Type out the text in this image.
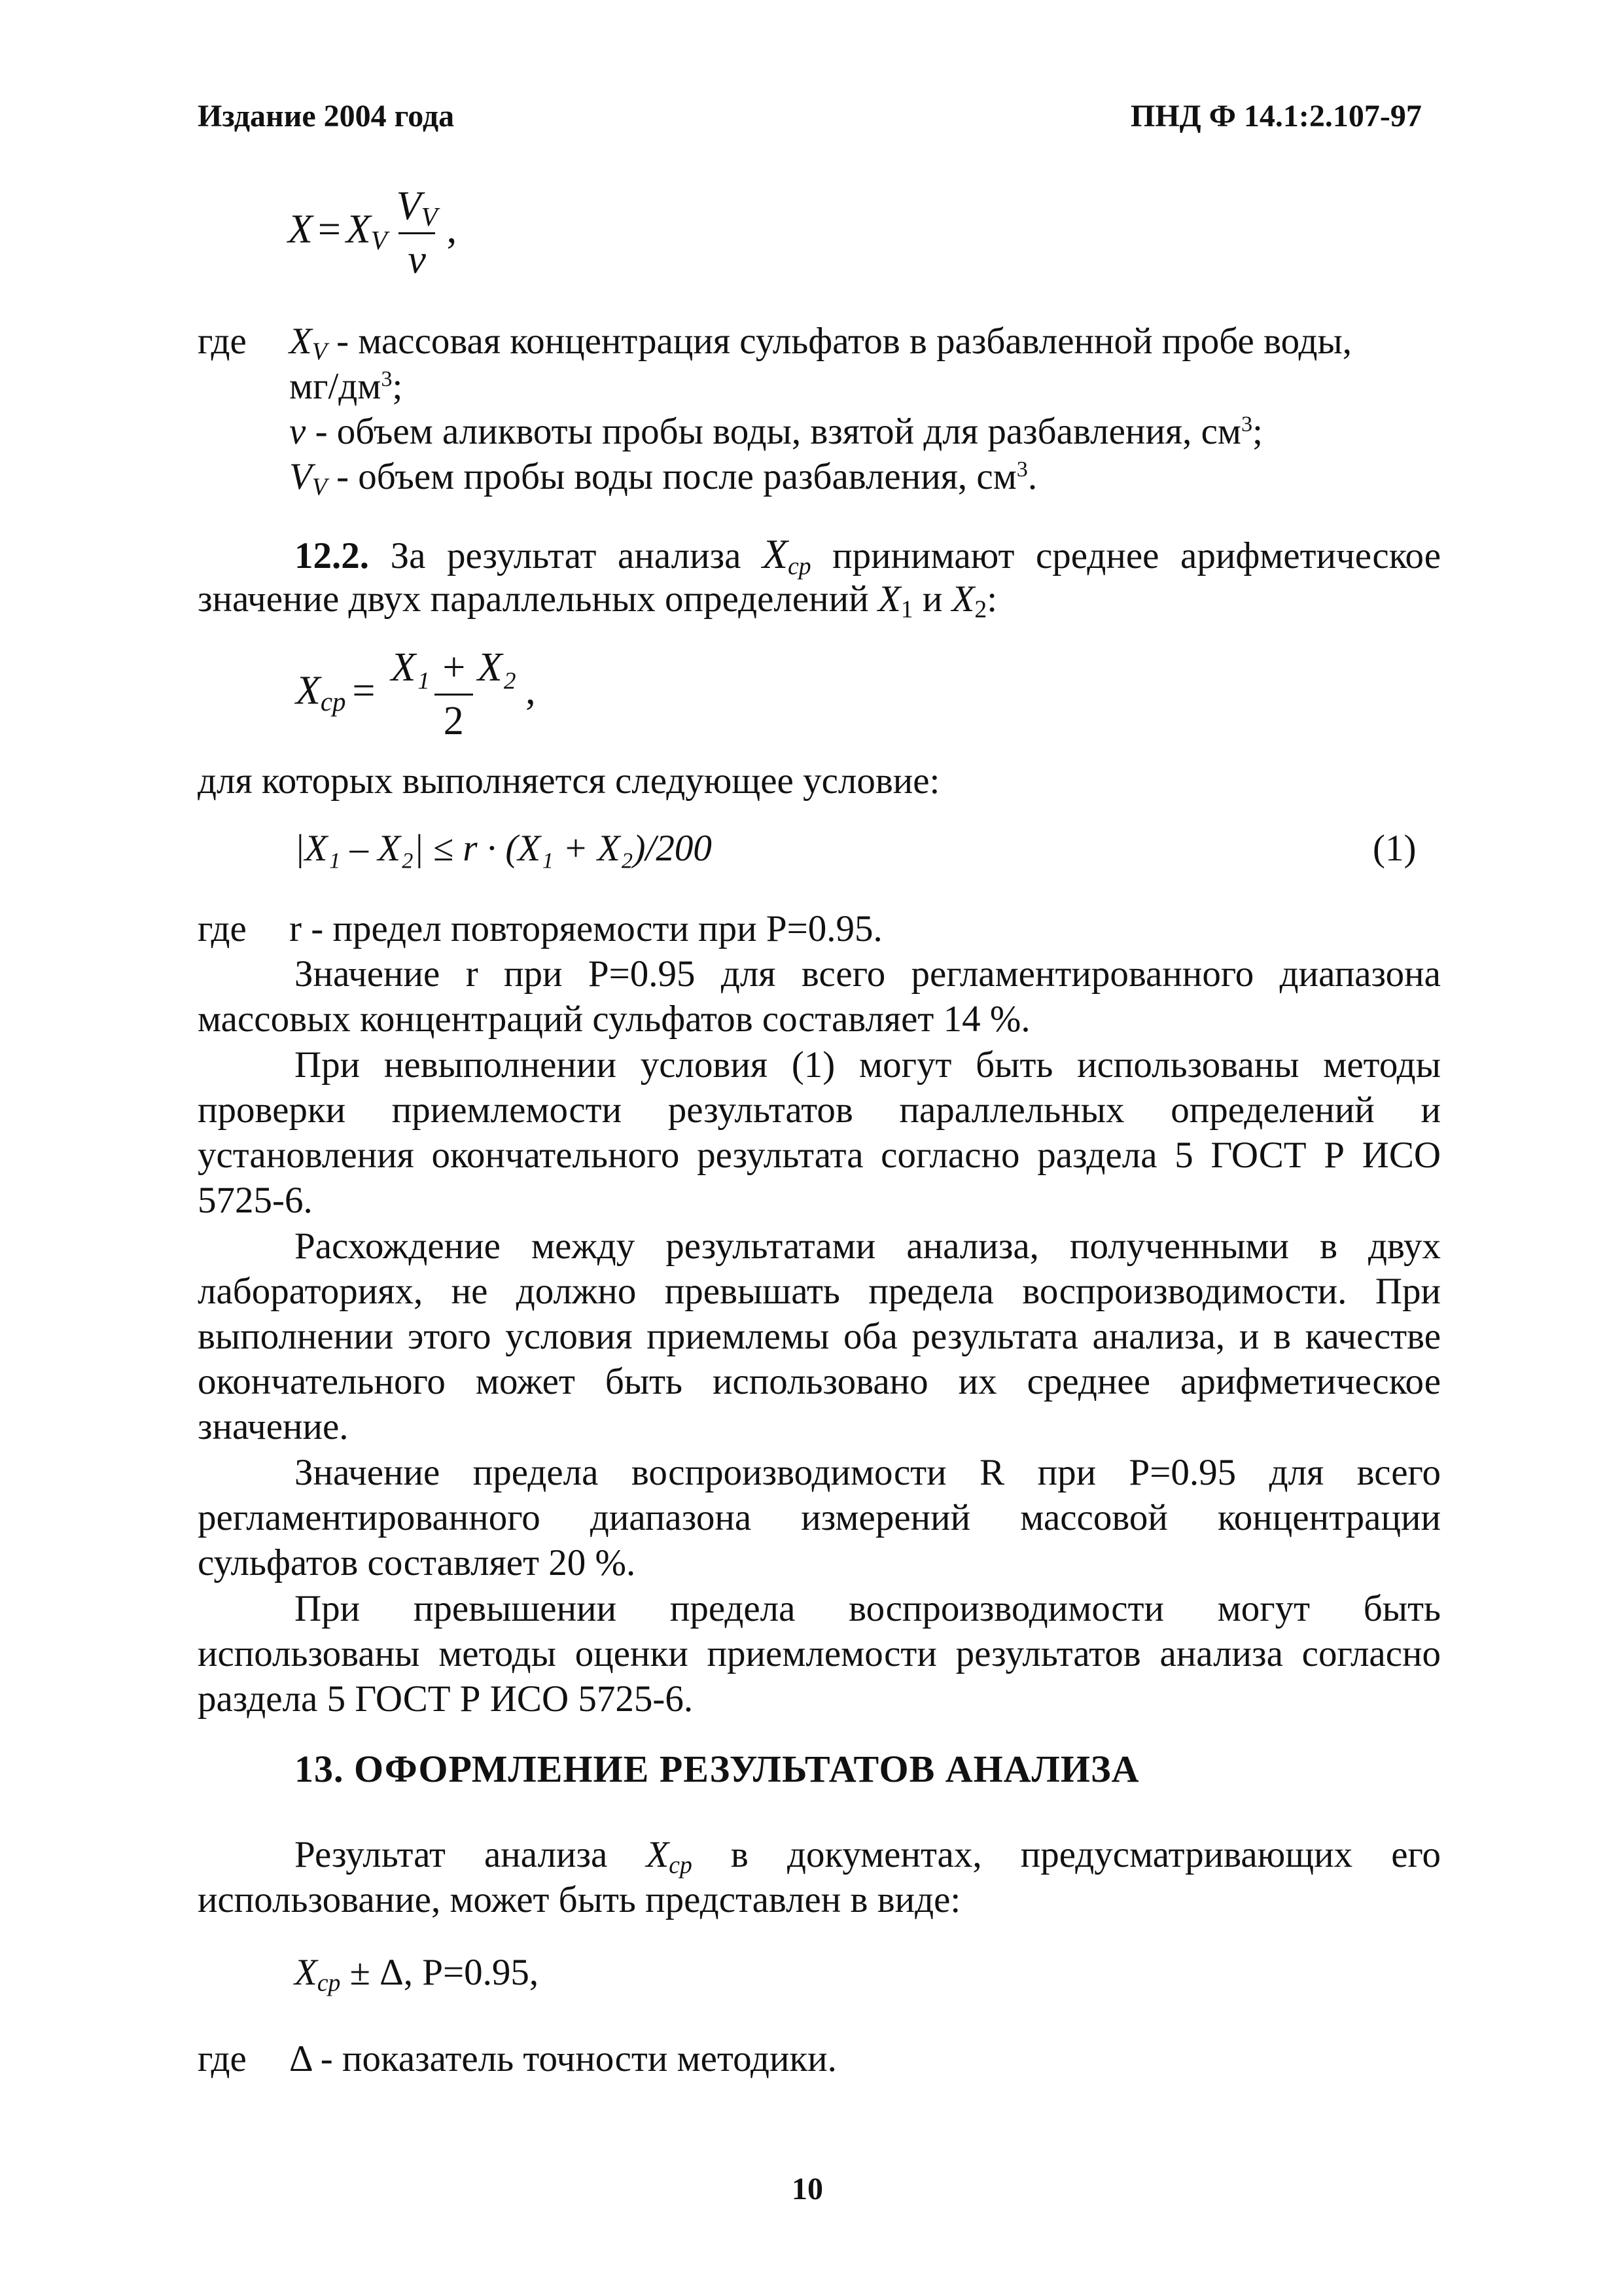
Издание 2004 года	ПНД Ф 14.1:2.107-97
$X = X_V \frac{V_V}{v}$ ,
где $X_V$ - массовая концентрация сульфатов в разбавленной пробе воды,
$мг/дм^3$;
v - объем аликвоты пробы воды, взятой для разбавления, $см^3$;
$V_V$ - объем пробы воды после разбавления, $см^3$.
12.2. За результат анализа $X_{ср}$ принимают среднее арифметическое
значение двух параллельных определений $X_1$ и $X_2$:
$X_{ср} = \frac{\text{X₁ + X₂}}{2}$ ,
для которых выполняется следующее условие:
|X₁ – X₂| ≤ r · (X₁ + X₂)/200	(1)
где r - предел повторяемости при P=0.95.
Значение r при P=0.95 для всего регламентированного диапазона массовых концентраций сульфатов составляет 14 %.
При невыполнении условия (1) могут быть использованы методы проверки приемлемости результатов параллельных определений и установления окончательного результата согласно раздела 5 ГОСТ Р ИСО 5725-6.
Расхождение между результатами анализа, полученными в двух лабораториях, не должно превышать предела воспроизводимости. При выполнении этого условия приемлемы оба результата анализа, и в качестве окончательного может быть использовано их среднее арифметическое значение.
Значение предела воспроизводимости R при P=0.95 для всего регламентированного диапазона измерений массовой концентрации сульфатов составляет 20 %.
При превышении предела воспроизводимости могут быть использованы методы оценки приемлемости результатов анализа согласно раздела 5 ГОСТ Р ИСО 5725-6.
13. ОФОРМЛЕНИЕ РЕЗУЛЬТАТОВ АНАЛИЗА
Результат анализа $X_{ср}$ в документах, предусматривающих его использование, может быть представлен в виде:
$X_{ср} \pm \Delta$, P=0.95,
где Δ - показатель точности методики.
10
